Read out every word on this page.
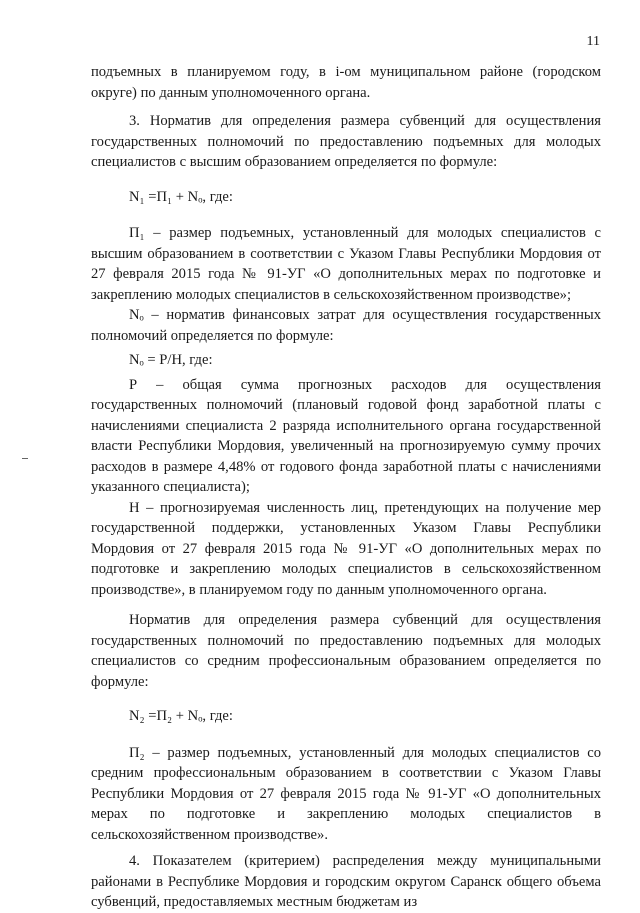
11

подъемных в планируемом году, в i-ом муниципальном районе (городском округе) по данным уполномоченного органа.

3. Норматив для определения размера субвенций для осуществления государственных полномочий по предоставлению подъемных для молодых специалистов с высшим образованием определяется по формуле:

N₁ =П₁ + Nₒ, где:

П₁ – размер подъемных, установленный для молодых специалистов с высшим образованием в соответствии с Указом Главы Республики Мордовия от 27 февраля 2015 года № 91-УГ «О дополнительных мерах по подготовке и закреплению молодых специалистов в сельскохозяйственном производстве»;

Nₒ – норматив финансовых затрат для осуществления государственных полномочий определяется по формуле:

Nₒ = Р/Н, где:

Р – общая сумма прогнозных расходов для осуществления государственных полномочий (плановый годовой фонд заработной платы с начислениями специалиста 2 разряда исполнительного органа государственной власти Республики Мордовия, увеличенный на прогнозируемую сумму прочих расходов в размере 4,48% от годового фонда заработной платы с начислениями указанного специалиста);

Н – прогнозируемая численность лиц, претендующих на получение мер государственной поддержки, установленных Указом Главы Республики Мордовия от 27 февраля 2015 года № 91-УГ «О дополнительных мерах по подготовке и закреплению молодых специалистов в сельскохозяйственном производстве», в планируемом году по данным уполномоченного органа.

Норматив для определения размера субвенций для осуществления государственных полномочий по предоставлению подъемных для молодых специалистов со средним профессиональным образованием определяется по формуле:

N₂ =П₂ + Nₒ, где:

П₂ – размер подъемных, установленный для молодых специалистов со средним профессиональным образованием в соответствии с Указом Главы Республики Мордовия от 27 февраля 2015 года № 91-УГ «О дополнительных мерах по подготовке и закреплению молодых специалистов в сельскохозяйственном производстве».

4. Показателем (критерием) распределения между муниципальными районами в Республике Мордовия и городским округом Саранск общего объема субвенций, предоставляемых местным бюджетам из
